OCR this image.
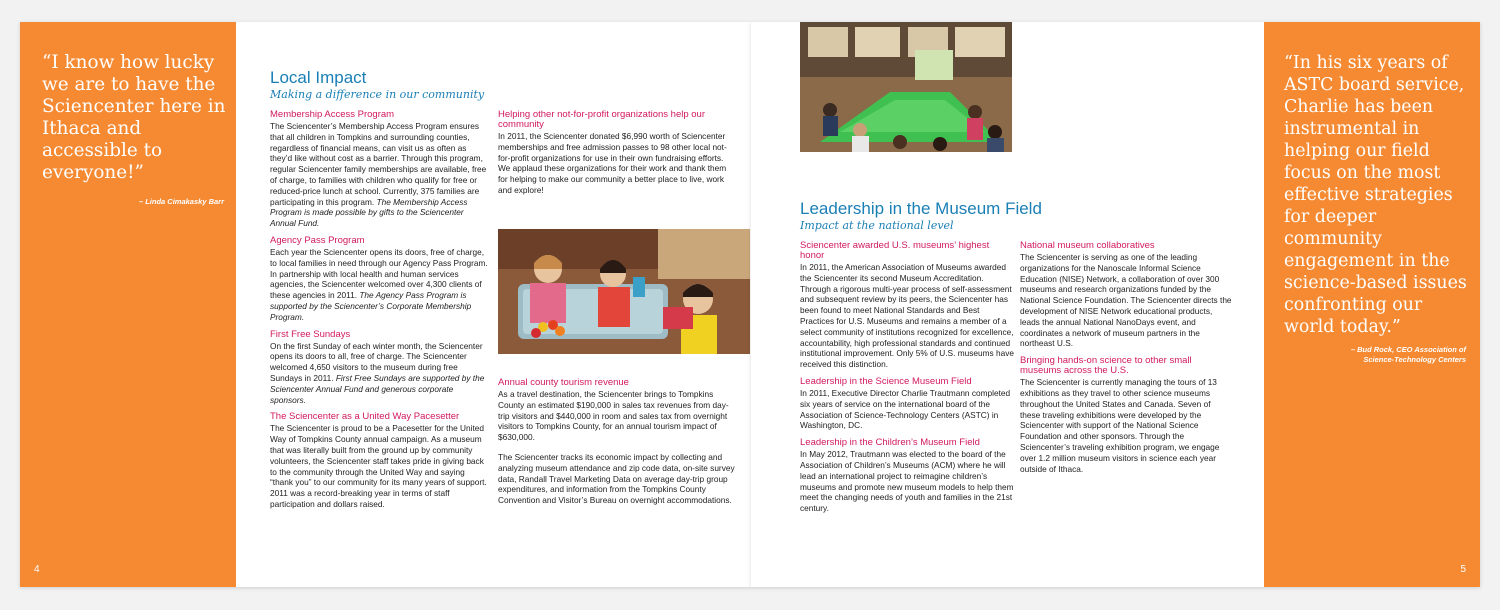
“I know how lucky we are to have the Sciencenter here in Ithaca and accessible to everyone!”
– Linda Cimakasky Barr
4
Local Impact
Making a difference in our community
Membership Access Program

The Sciencenter’s Membership Access Program ensures that all children in Tompkins and surrounding counties, regardless of financial means, can visit us as often as they’d like without cost as a barrier. Through this program, regular Sciencenter family memberships are available, free of charge, to families with children who qualify for free or reduced-price lunch at school. Currently, 375 families are participating in this program. The Membership Access Program is made possible by gifts to the Sciencenter Annual Fund.

Agency Pass Program

Each year the Sciencenter opens its doors, free of charge, to local families in need through our Agency Pass Program. In partnership with local health and human services agencies, the Sciencenter welcomed over 4,300 clients of these agencies in 2011. The Agency Pass Program is supported by the Sciencenter’s Corporate Membership Program.

First Free Sundays

On the first Sunday of each winter month, the Sciencenter opens its doors to all, free of charge. The Sciencenter welcomed 4,650 visitors to the museum during free Sundays in 2011. First Free Sundays are supported by the Sciencenter Annual Fund and generous corporate sponsors.

The Sciencenter as a United Way Pacesetter

The Sciencenter is proud to be a Pacesetter for the United Way of Tompkins County annual campaign. As a museum that was literally built from the ground up by community volunteers, the Sciencenter staff takes pride in giving back to the community through the United Way and saying “thank you” to our community for its many years of support. 2011 was a record-breaking year in terms of staff participation and dollars raised.

Helping other not-for-profit organizations help our community

In 2011, the Sciencenter donated $6,990 worth of Sciencenter memberships and free admission passes to 98 other local not-for-profit organizations for use in their own fundraising efforts. We applaud these organizations for their work and thank them for helping to make our community a better place to live, work and explore!

Annual county tourism revenue

As a travel destination, the Sciencenter brings to Tompkins County an estimated $190,000 in sales tax revenues from day-trip visitors and $440,000 in room and sales tax from overnight visitors to Tompkins County, for an annual tourism impact of $630,000.

The Sciencenter tracks its economic impact by collecting and analyzing museum attendance and zip code data, on-site survey data, Randall Travel Marketing Data on average day-trip group expenditures, and information from the Tompkins County Convention and Visitor’s Bureau on overnight accommodations.

Leadership in the Museum Field
Impact at the national level
Sciencenter awarded U.S. museums’ highest honor

In 2011, the American Association of Museums awarded the Sciencenter its second Museum Accreditation. Through a rigorous multi-year process of self-assessment and subsequent review by its peers, the Sciencenter has been found to meet National Standards and Best Practices for U.S. Museums and remains a member of a select community of institutions recognized for excellence, accountability, high professional standards and continued institutional improvement. Only 5% of U.S. museums have received this distinction.

Leadership in the Science Museum Field

In 2011, Executive Director Charlie Trautmann completed six years of service on the international board of the Association of Science-Technology Centers (ASTC) in Washington, DC.

Leadership in the Children’s Museum Field

In May 2012, Trautmann was elected to the board of the Association of Children’s Museums (ACM) where he will lead an international project to reimagine children’s museums and promote new museum models to help them meet the changing needs of youth and families in the 21st century.

National museum collaboratives

The Sciencenter is serving as one of the leading organizations for the Nanoscale Informal Science Education (NISE) Network, a collaboration of over 300 museums and research organizations funded by the National Science Foundation. The Sciencenter directs the development of NISE Network educational products, leads the annual National NanoDays event, and coordinates a network of museum partners in the northeast U.S.

Bringing hands-on science to other small museums across the U.S.

The Sciencenter is currently managing the tours of 13 exhibitions as they travel to other science museums throughout the United States and Canada. Seven of these traveling exhibitions were developed by the Sciencenter with support of the National Science Foundation and other sponsors. Through the Sciencenter’s traveling exhibition program, we engage over 1.2 million museum visitors in science each year outside of Ithaca.

“In his six years of ASTC board service, Charlie has been instrumental in helping our field focus on the most effective strategies for deeper community engagement in the science-based issues confronting our world today.”
– Bud Rock, CEO Association of
Science-Technology Centers
5
